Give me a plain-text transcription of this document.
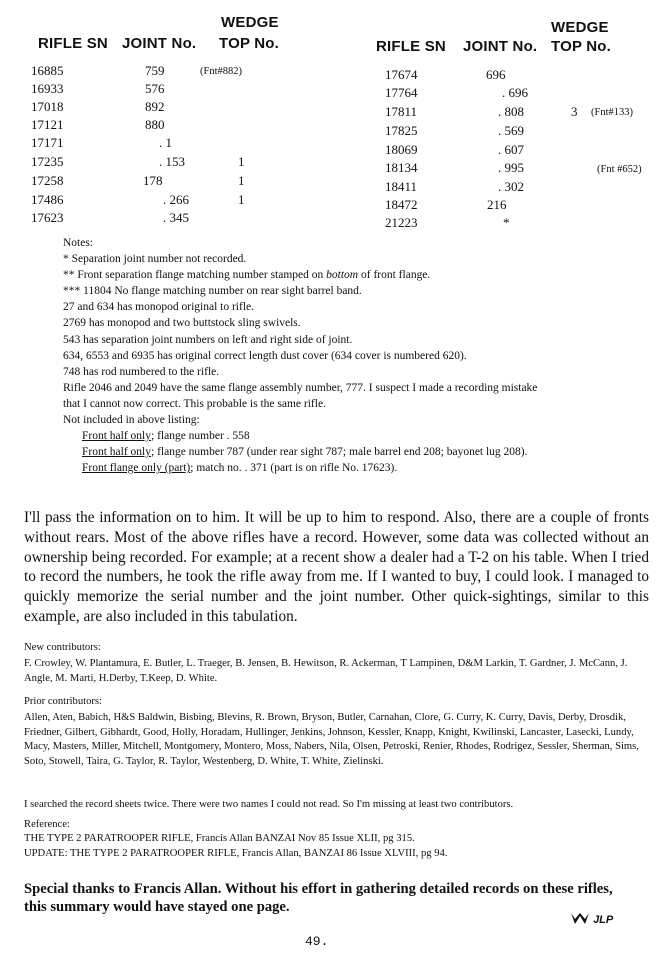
WEDGE
RIFLE SN JOINT No. TOP No.
WEDGE
RIFLE SN JOINT No. TOP No.
16885	759	(Fnt#882)
16933	576
17018	892
17121	880
17171	. 1
17235	. 153	1
17258	178	1
17486	. 266	1
17623	. 345
17674	696
17764	. 696
17811	. 808	3 (Fnt#133)
17825	. 569
18069	. 607
18134	. 995	(Fnt #652)
18411	. 302
18472	216
21223	*
Notes:
* Separation joint number not recorded.
** Front separation flange matching number stamped on bottom of front flange.
*** 11804 No flange matching number on rear sight barrel band.
27 and 634 has monopod original to rifle.
2769 has monopod and two buttstock sling swivels.
543 has separation joint numbers on left and right side of joint.
634, 6553 and 6935 has original correct length dust cover (634 cover is numbered 620).
748 has rod numbered to the rifle.
Rifle 2046 and 2049 have the same flange assembly number, 777. I suspect I made a recording mistake
that I cannot now correct. This probable is the same rifle.
Not included in above listing:
Front half only; flange number . 558
Front half only; flange number 787 (under rear sight 787; male barrel end 208; bayonet lug 208).
Front flange only (part); match no. . 371 (part is on rifle No. 17623).
I'll pass the information on to him. It will be up to him to respond. Also, there are a couple of fronts without rears. Most of the above rifles have a record. However, some data was collected without an ownership being recorded. For example; at a recent show a dealer had a T-2 on his table. When I tried to record the numbers, he took the rifle away from me. If I wanted to buy, I could look. I managed to quickly memorize the serial number and the joint number. Other quick-sightings, similar to this example, are also included in this tabulation.
New contributors:
F. Crowley, W. Plantamura, E. Butler, L. Traeger, B. Jensen, B. Hewitson, R. Ackerman, T Lampinen, D&M Larkin, T. Gardner, J. McCann, J. Angle, M. Marti, H.Derby, T.Keep, D. White.
Prior contributors:
Allen, Aten, Babich, H&S Baldwin, Bisbing, Blevins, R. Brown, Bryson, Butler, Carnahan, Clore, G. Curry, K. Curry, Davis, Derby, Drosdik, Friedner, Gilbert, Gibhardt, Good, Holly, Horadam, Hullinger, Jenkins, Johnson, Kessler, Knapp, Knight, Kwilinski, Lancaster, Lasecki, Lundy, Macy, Masters, Miller, Mitchell, Montgomery, Montero, Moss, Nabers, Nila, Olsen, Petroski, Renier, Rhodes, Rodrigez, Sessler, Sherman, Sims, Soto, Stowell, Taira, G. Taylor, R. Taylor, Westenberg, D. White, T. White, Zielinski.
I searched the record sheets twice. There were two names I could not read. So I'm missing at least two contributors.
Reference:
THE TYPE 2 PARATROOPER RIFLE, Francis Allan BANZAI Nov 85 Issue XLII, pg 315.
UPDATE: THE TYPE 2 PARATROOPER RIFLE, Francis Allan, BANZAI 86 Issue XLVIII, pg 94.
Special thanks to Francis Allan. Without his effort in gathering detailed records on these rifles, this summary would have stayed one page.
JLP
49.
